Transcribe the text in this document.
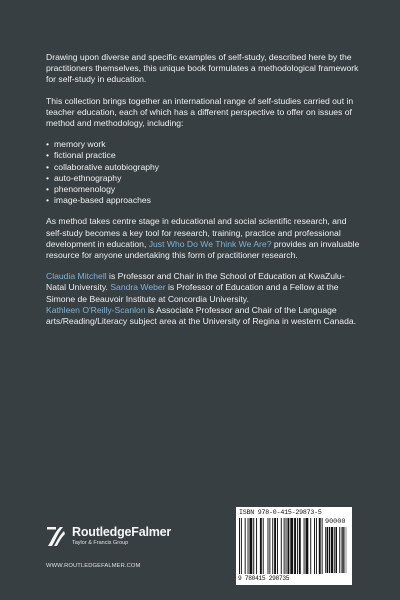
Drawing upon diverse and specific examples of self-study, described here by the practitioners themselves, this unique book formulates a methodological framework for self-study in education.

This collection brings together an international range of self-studies carried out in teacher education, each of which has a different perspective to offer on issues of method and methodology, including:

• memory work
• fictional practice
• collaborative autobiography
• auto-ethnography
• phenomenology
• image-based approaches

As method takes centre stage in educational and social scientific research, and self-study becomes a key tool for research, training, practice and professional development in education, Just Who Do We Think We Are? provides an invaluable resource for anyone undertaking this form of practitioner research.

Claudia Mitchell is Professor and Chair in the School of Education at KwaZulu-Natal University. Sandra Weber is Professor of Education and a Fellow at the Simone de Beauvoir Institute at Concordia University.
Kathleen O'Reilly-Scanlon is Associate Professor and Chair of the Language arts/Reading/Literacy subject area at the University of Regina in western Canada.

RoutledgeFalmer
Taylor & Francis Group
WWW.ROUTLEDGEFALMER.COM
ISBN 978-0-415-29873-5
90000
9 780415 298735
